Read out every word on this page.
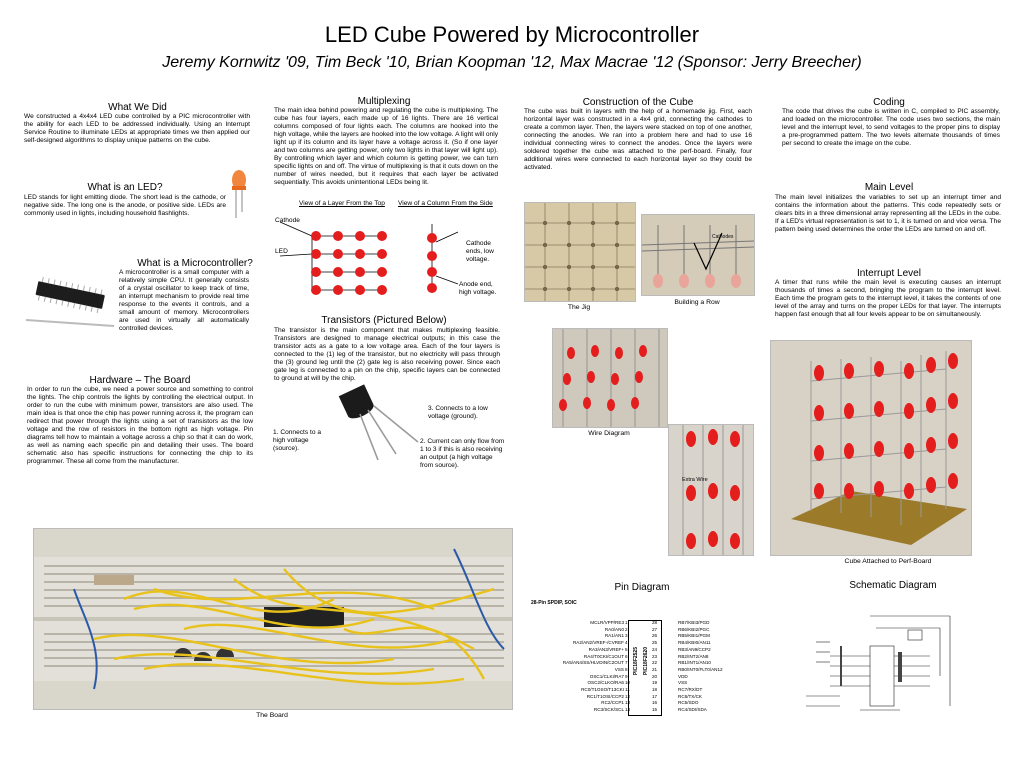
LED Cube Powered by Microcontroller
Jeremy Kornwitz '09, Tim Beck '10, Brian Koopman '12, Max Macrae '12 (Sponsor: Jerry Breecher)
What We Did
We constructed a 4x4x4 LED cube controlled by a PIC microcontroller with the ability for each LED to be addressed individually. Using an Interrupt Service Routine to illuminate LEDs at appropriate times we then applied our self-designed algorithms to display unique patterns on the cube.
What is an LED?
LED stands for light emitting diode. The short lead is the cathode, or negative side. The long one is the anode, or positive side. LEDs are commonly used in lights, including household flashlights.
What is a Microcontroller?
A microcontroller is a small computer with a relatively simple CPU. It generally consists of a crystal oscillator to keep track of time, an interrupt mechanism to provide real time response to the events it controls, and a small amount of memory. Microcontrollers are used in virtually all automatically controlled devices.
Hardware – The Board
In order to run the cube, we need a power source and something to control the lights. The chip controls the lights by controlling the electrical output. In order to run the cube with minimum power, transistors are also used. The main idea is that once the chip has power running across it, the program can redirect that power through the lights using a set of transistors as the low voltage and the row of resistors in the bottom right as high voltage. Pin diagrams tell how to maintain a voltage across a chip so that it can do work, as well as naming each specific pin and detailing their uses. The board schematic also has specific instructions for connecting the chip to its programmer. These all come from the manufacturer.
The Board
Multiplexing
The main idea behind powering and regulating the cube is multiplexing. The cube has four layers, each made up of 16 lights. There are 16 vertical columns composed of four lights each. The columns are hooked into the high voltage, while the layers are hooked into the low voltage. A light will only light up if its column and its layer have a voltage across it. (So if one layer and two columns are getting power, only two lights in that layer will light up). By controlling which layer and which column is getting power, we can turn specific lights on and off. The virtue of multiplexing is that it cuts down on the number of wires needed, but it requires that each layer be activated sequentially. This avoids unintentional LEDs being lit.
View of a Layer From the Top View of a Column From the Side
Cathode
LED
Cathode ends, low voltage.
Anode end, high voltage.
Transistors (Pictured Below)
The transistor is the main component that makes multiplexing feasible. Transistors are designed to manage electrical outputs; in this case the transistor acts as a gate to a low voltage area. Each of the four layers is connected to the (1) leg of the transistor, but no electricity will pass through the (3) ground leg until the (2) gate leg is also receiving power. Since each gate leg is connected to a pin on the chip, specific layers can be connected to ground at will by the chip.
3. Connects to a low voltage (ground).
1. Connects to a high voltage (source).
2. Current can only flow from 1 to 3 if this is also receiving an output (a high voltage from source).
Construction of the Cube
The cube was built in layers with the help of a homemade jig. First, each horizontal layer was constructed in a 4x4 grid, connecting the cathodes to create a common layer. Then, the layers were stacked on top of one another, connecting the anodes. We ran into a problem here and had to use 16 individual connecting wires to connect the anodes. Once the layers were soldered together the cube was attached to the perf-board. Finally, four additional wires were connected to each horizontal layer so they could be activated.
The Jig
Cathodes
Building a Row
Wire Diagram
Extra Wire
Pin Diagram
28-Pin SPDIP, SOIC
PIC18F2525 PIC18F2620
MCLR/VPP/RE3
RA0/AN0
RA1/AN1
RA2/AN2/VREF-/CVREF
RA3/AN3/VREF+
RA4/T0CKI/C1OUT
RA5/AN4/SS/HLVDIN/C2OUT
VSS
OSC1/CLKI/RA7
OSC2/CLKO/RA6
RC0/T1OSO/T13CKI
RC1/T1OSI/CCP2
RC2/CCP1
RC3/SCK/SCL
1
2
3
4
5
6
7
8
9
10
11
12
13
14
28
27
26
25
24
23
22
21
20
19
18
17
16
15
RB7/KBI3/PGD
RB6/KBI2/PGC
RB5/KBI1/PGM
RB4/KBI0/AN11
RB3/AN9/CCP2
RB2/INT2/AN8
RB1/INT1/AN10
RB0/INT0/FLT0/AN12
VDD
VSS
RC7/RX/DT
RC6/TX/CK
RC5/SDO
RC4/SDI/SDA
Coding
The code that drives the cube is written in C, compiled to PIC assembly, and loaded on the microcontroller. The code uses two sections, the main level and the interrupt level, to send voltages to the proper pins to display a pre-programmed pattern. The two levels alternate thousands of times per second to create the image on the cube.
Main Level
The main level initializes the variables to set up an interrupt timer and contains the information about the patterns. This code repeatedly sets or clears bits in a three dimensional array representing all the LEDs in the cube. If a LED's virtual representation is set to 1, it is turned on and vice versa. The pattern being used determines the order the LEDs are turned on and off.
Interrupt Level
A timer that runs while the main level is executing causes an interrupt thousands of times a second, bringing the program to the interrupt level. Each time the program gets to the interrupt level, it takes the contents of one level of the array and turns on the proper LEDs for that layer. The interrupts happen fast enough that all four levels appear to be on simultaneously.
Cube Attached to Perf-Board
Schematic Diagram
